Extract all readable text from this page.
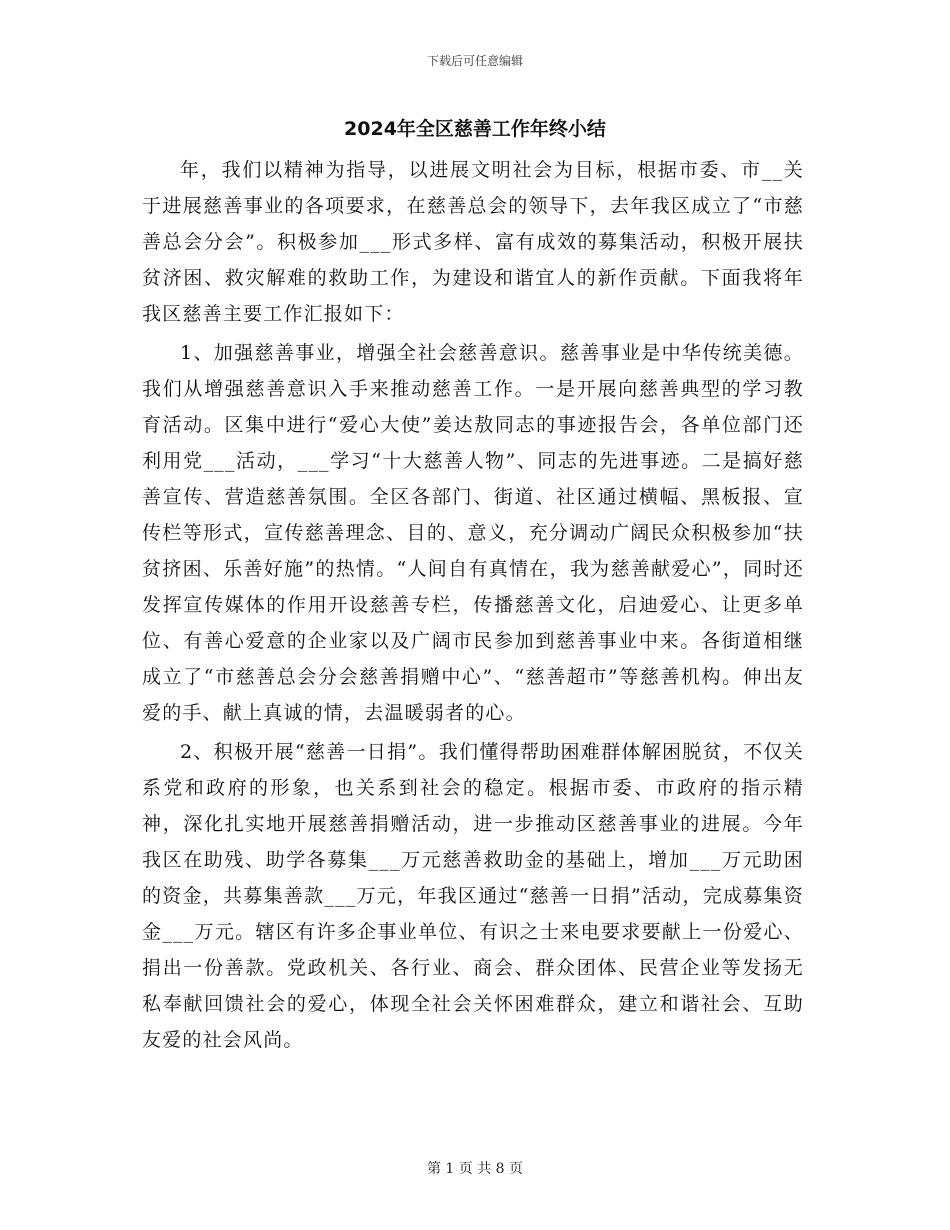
下载后可任意编辑
2024年全区慈善工作年终小结

年，我们以精神为指导，以进展文明社会为目标，根据市委、市__关于进展慈善事业的各项要求，在慈善总会的领导下，去年我区成立了“市慈善总会分会”。积极参加___形式多样、富有成效的募集活动，积极开展扶贫济困、救灾解难的救助工作，为建设和谐宜人的新作贡献。下面我将年我区慈善主要工作汇报如下：

1、加强慈善事业，增强全社会慈善意识。慈善事业是中华传统美德。我们从增强慈善意识入手来推动慈善工作。一是开展向慈善典型的学习教育活动。区集中进行“爱心大使”姜达敖同志的事迹报告会，各单位部门还利用党___活动，___学习“十大慈善人物”、同志的先进事迹。二是搞好慈善宣传、营造慈善氛围。全区各部门、街道、社区通过横幅、黑板报、宣传栏等形式，宣传慈善理念、目的、意义，充分调动广阔民众积极参加“扶贫挤困、乐善好施”的热情。“人间自有真情在，我为慈善献爱心”，同时还发挥宣传媒体的作用开设慈善专栏，传播慈善文化，启迪爱心、让更多单位、有善心爱意的企业家以及广阔市民参加到慈善事业中来。各街道相继成立了“市慈善总会分会慈善捐赠中心”、“慈善超市”等慈善机构。伸出友爱的手、献上真诚的情，去温暖弱者的心。

2、积极开展“慈善一日捐”。我们懂得帮助困难群体解困脱贫，不仅关系党和政府的形象，也关系到社会的稳定。根据市委、市政府的指示精神，深化扎实地开展慈善捐赠活动，进一步推动区慈善事业的进展。今年我区在助残、助学各募集___万元慈善救助金的基础上，增加___万元助困的资金，共募集善款___万元，年我区通过“慈善一日捐”活动，完成募集资金___万元。辖区有许多企事业单位、有识之士来电要求要献上一份爱心、捐出一份善款。党政机关、各行业、商会、群众团体、民营企业等发扬无私奉献回馈社会的爱心，体现全社会关怀困难群众，建立和谐社会、互助友爱的社会风尚。

第 1 页 共 8 页
